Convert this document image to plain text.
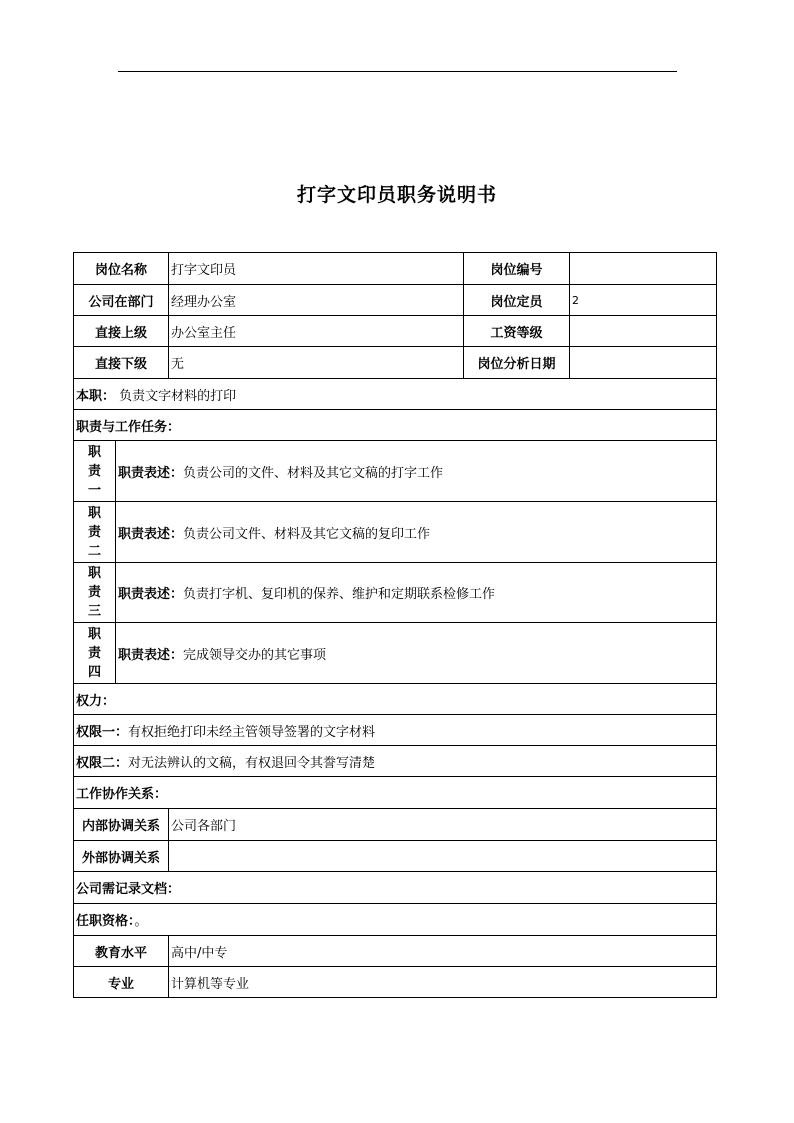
打字文印员职务说明书
岗位名称		打字文印员	岗位编号	
公司在部门		经理办公室	岗位定员	2
直接上级		办公室主任	工资等级	
直接下级		无	岗位分析日期	
本职： 负责文字材料的打印				
职责与工作任务：				

职
责
一	职责表述：负责公司的文件、材料及其它文稿的打字工作			

职
责
二	职责表述：负责公司文件、材料及其它文稿的复印工作			

职
责
三	职责表述：负责打字机、复印机的保养、维护和定期联系检修工作			

职
责
四	职责表述：完成领导交办的其它事项			
权力：				
权限一：有权拒绝打印未经主管领导签署的文字材料				
权限二：对无法辨认的文稿，有权退回令其誊写清楚				
工作协作关系：				
内部协调关系		公司各部门		
外部协调关系				
公司需记录文档：				
任职资格：。				
教育水平		高中/中专		
专业		计算机等专业		
